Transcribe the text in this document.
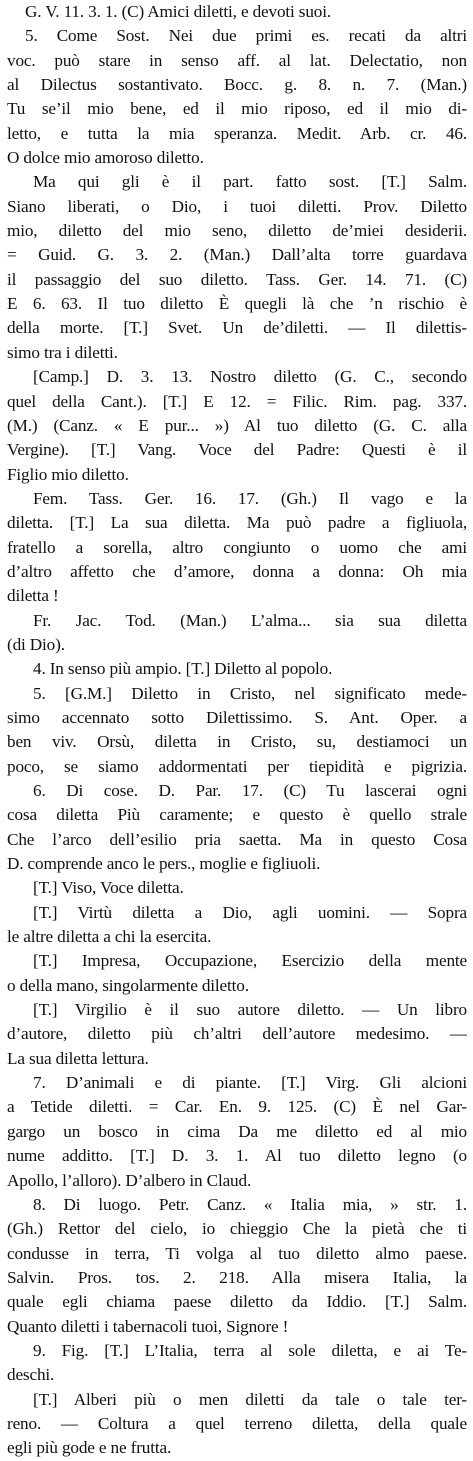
G. V. 11. 3. 1. (C) Amici diletti, e devoti suoi.
5. Come Sost. Nei due primi es. recati da altri
voc. può stare in senso aff. al lat. Delectatio, non
al Dilectus sostantivato. Bocc. g. 8. n. 7. (Man.)
Tu se’il mio bene, ed il mio riposo, ed il mio di-
letto, e tutta la mia speranza. Medit. Arb. cr. 46.
O dolce mio amoroso diletto.
Ma qui gli è il part. fatto sost. [T.] Salm.
Siano liberati, o Dio, i tuoi diletti. Prov. Diletto
mio, diletto del mio seno, diletto de’miei desiderii.
= Guid. G. 3. 2. (Man.) Dall’alta torre guardava
il passaggio del suo diletto. Tass. Ger. 14. 71. (C)
E 6. 63. Il tuo diletto È quegli là che ’n rischio è
della morte. [T.] Svet. Un de’diletti. — Il dilettis-
simo tra i diletti.
[Camp.] D. 3. 13. Nostro diletto (G. C., secondo
quel della Cant.). [T.] E 12. = Filic. Rim. pag. 337.
(M.) (Canz. « E pur... ») Al tuo diletto (G. C. alla
Vergine). [T.] Vang. Voce del Padre: Questi è il
Figlio mio diletto.
Fem. Tass. Ger. 16. 17. (Gh.) Il vago e la
diletta. [T.] La sua diletta. Ma può padre a figliuola,
fratello a sorella, altro congiunto o uomo che ami
d’altro affetto che d’amore, donna a donna: Oh mia
diletta !
Fr. Jac. Tod. (Man.) L’alma... sia sua diletta
(di Dio).
4. In senso più ampio. [T.] Diletto al popolo.
5. [G.M.] Diletto in Cristo, nel significato mede-
simo accennato sotto Dilettissimo. S. Ant. Oper. a
ben viv. Orsù, diletta in Cristo, su, destiamoci un
poco, se siamo addormentati per tiepidità e pigrizia.
6. Di cose. D. Par. 17. (C) Tu lascerai ogni
cosa diletta Più caramente; e questo è quello strale
Che l’arco dell’esilio pria saetta. Ma in questo Cosa
D. comprende anco le pers., moglie e figliuoli.
[T.] Viso, Voce diletta.
[T.] Virtù diletta a Dio, agli uomini. — Sopra
le altre diletta a chi la esercita.
[T.] Impresa, Occupazione, Esercizio della mente
o della mano, singolarmente diletto.
[T.] Virgilio è il suo autore diletto. — Un libro
d’autore, diletto più ch’altri dell’autore medesimo. —
La sua diletta lettura.
7. D’animali e di piante. [T.] Virg. Gli alcioni
a Tetide diletti. = Car. En. 9. 125. (C) È nel Gar-
gargo un bosco in cima Da me diletto ed al mio
nume additto. [T.] D. 3. 1. Al tuo diletto legno (o
Apollo, l’alloro). D’albero in Claud.
8. Di luogo. Petr. Canz. « Italia mia, » str. 1.
(Gh.) Rettor del cielo, io chieggio Che la pietà che ti
condusse in terra, Ti volga al tuo diletto almo paese.
Salvin. Pros. tos. 2. 218. Alla misera Italia, la
quale egli chiama paese diletto da Iddio. [T.] Salm.
Quanto diletti i tabernacoli tuoi, Signore !
9. Fig. [T.] L’Italia, terra al sole diletta, e ai Te-
deschi.
[T.] Alberi più o men diletti da tale o tale ter-
reno. — Coltura a quel terreno diletta, della quale
egli più gode e ne frutta.
